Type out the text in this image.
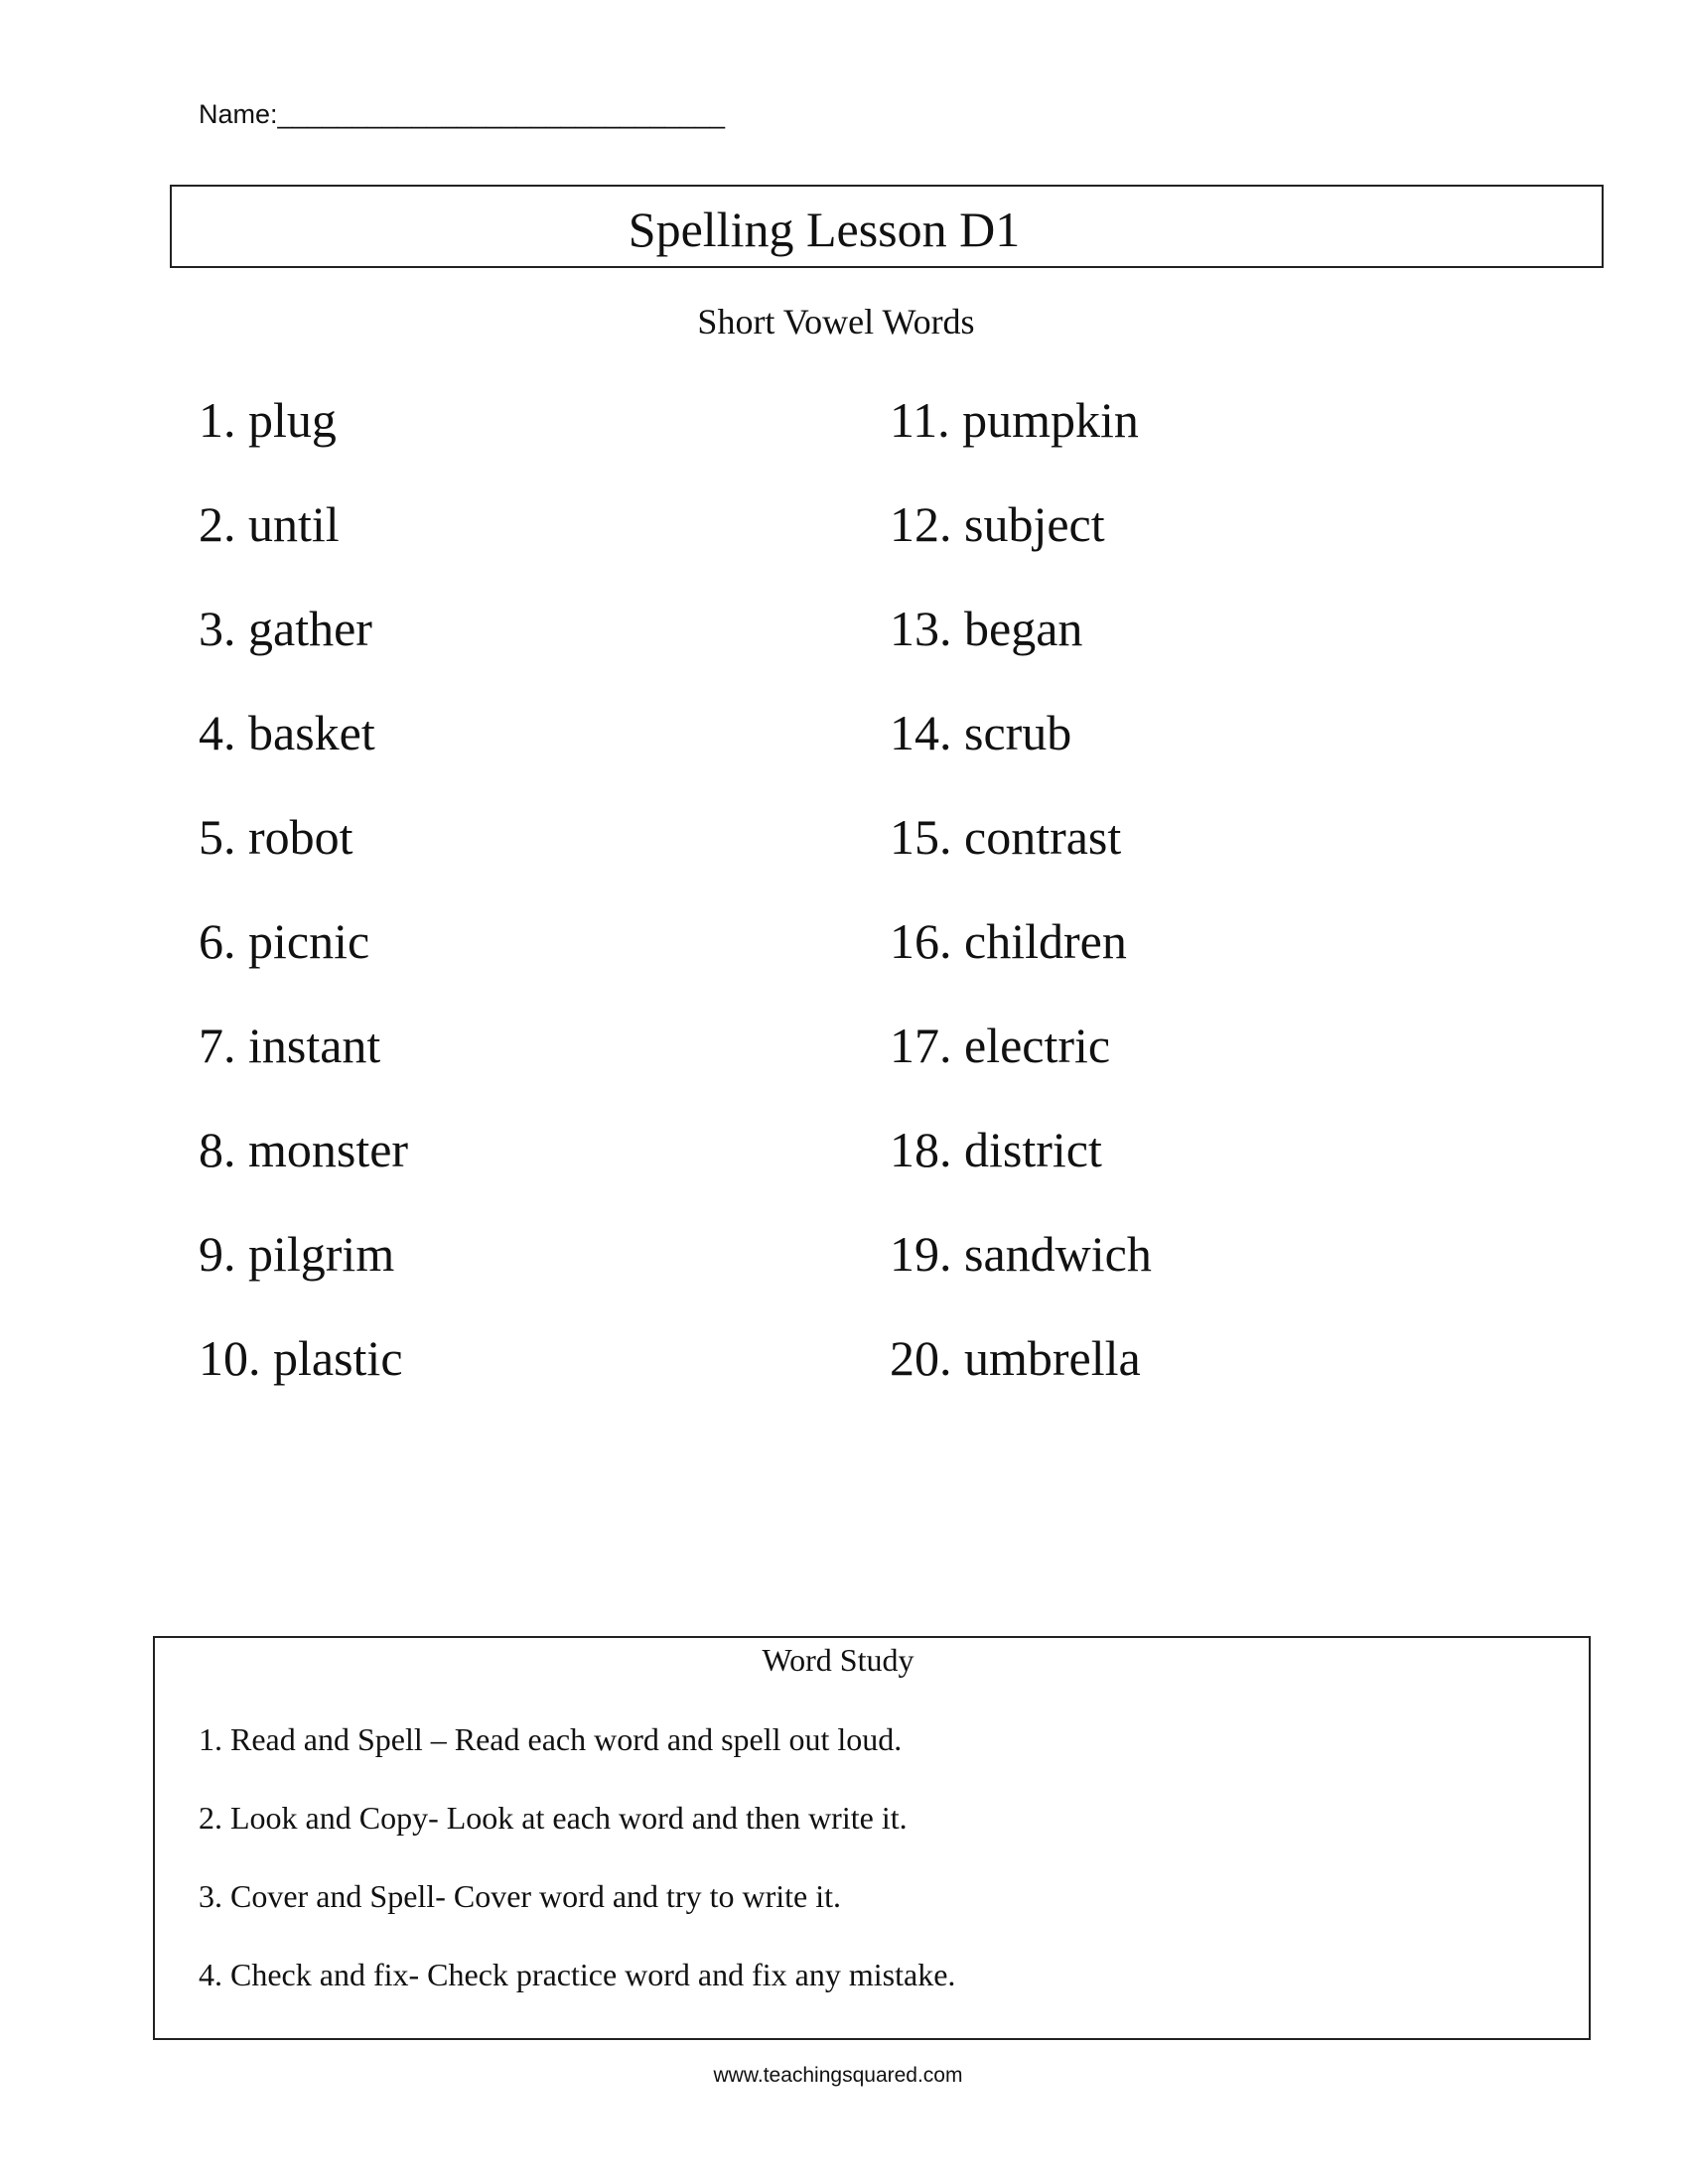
Name:______________________________
Spelling Lesson D1
Short Vowel Words
1. plug
2. until
3. gather
4. basket
5. robot
6. picnic
7. instant
8. monster
9. pilgrim
10. plastic
11. pumpkin
12. subject
13. began
14. scrub
15. contrast
16. children
17. electric
18. district
19. sandwich
20. umbrella
Word Study
1. Read and Spell – Read each word and spell out loud.
2. Look and Copy- Look at each word and then write it.
3. Cover and Spell- Cover word and try to write it.
4. Check and fix- Check practice word and fix any mistake.
www.teachingsquared.com
